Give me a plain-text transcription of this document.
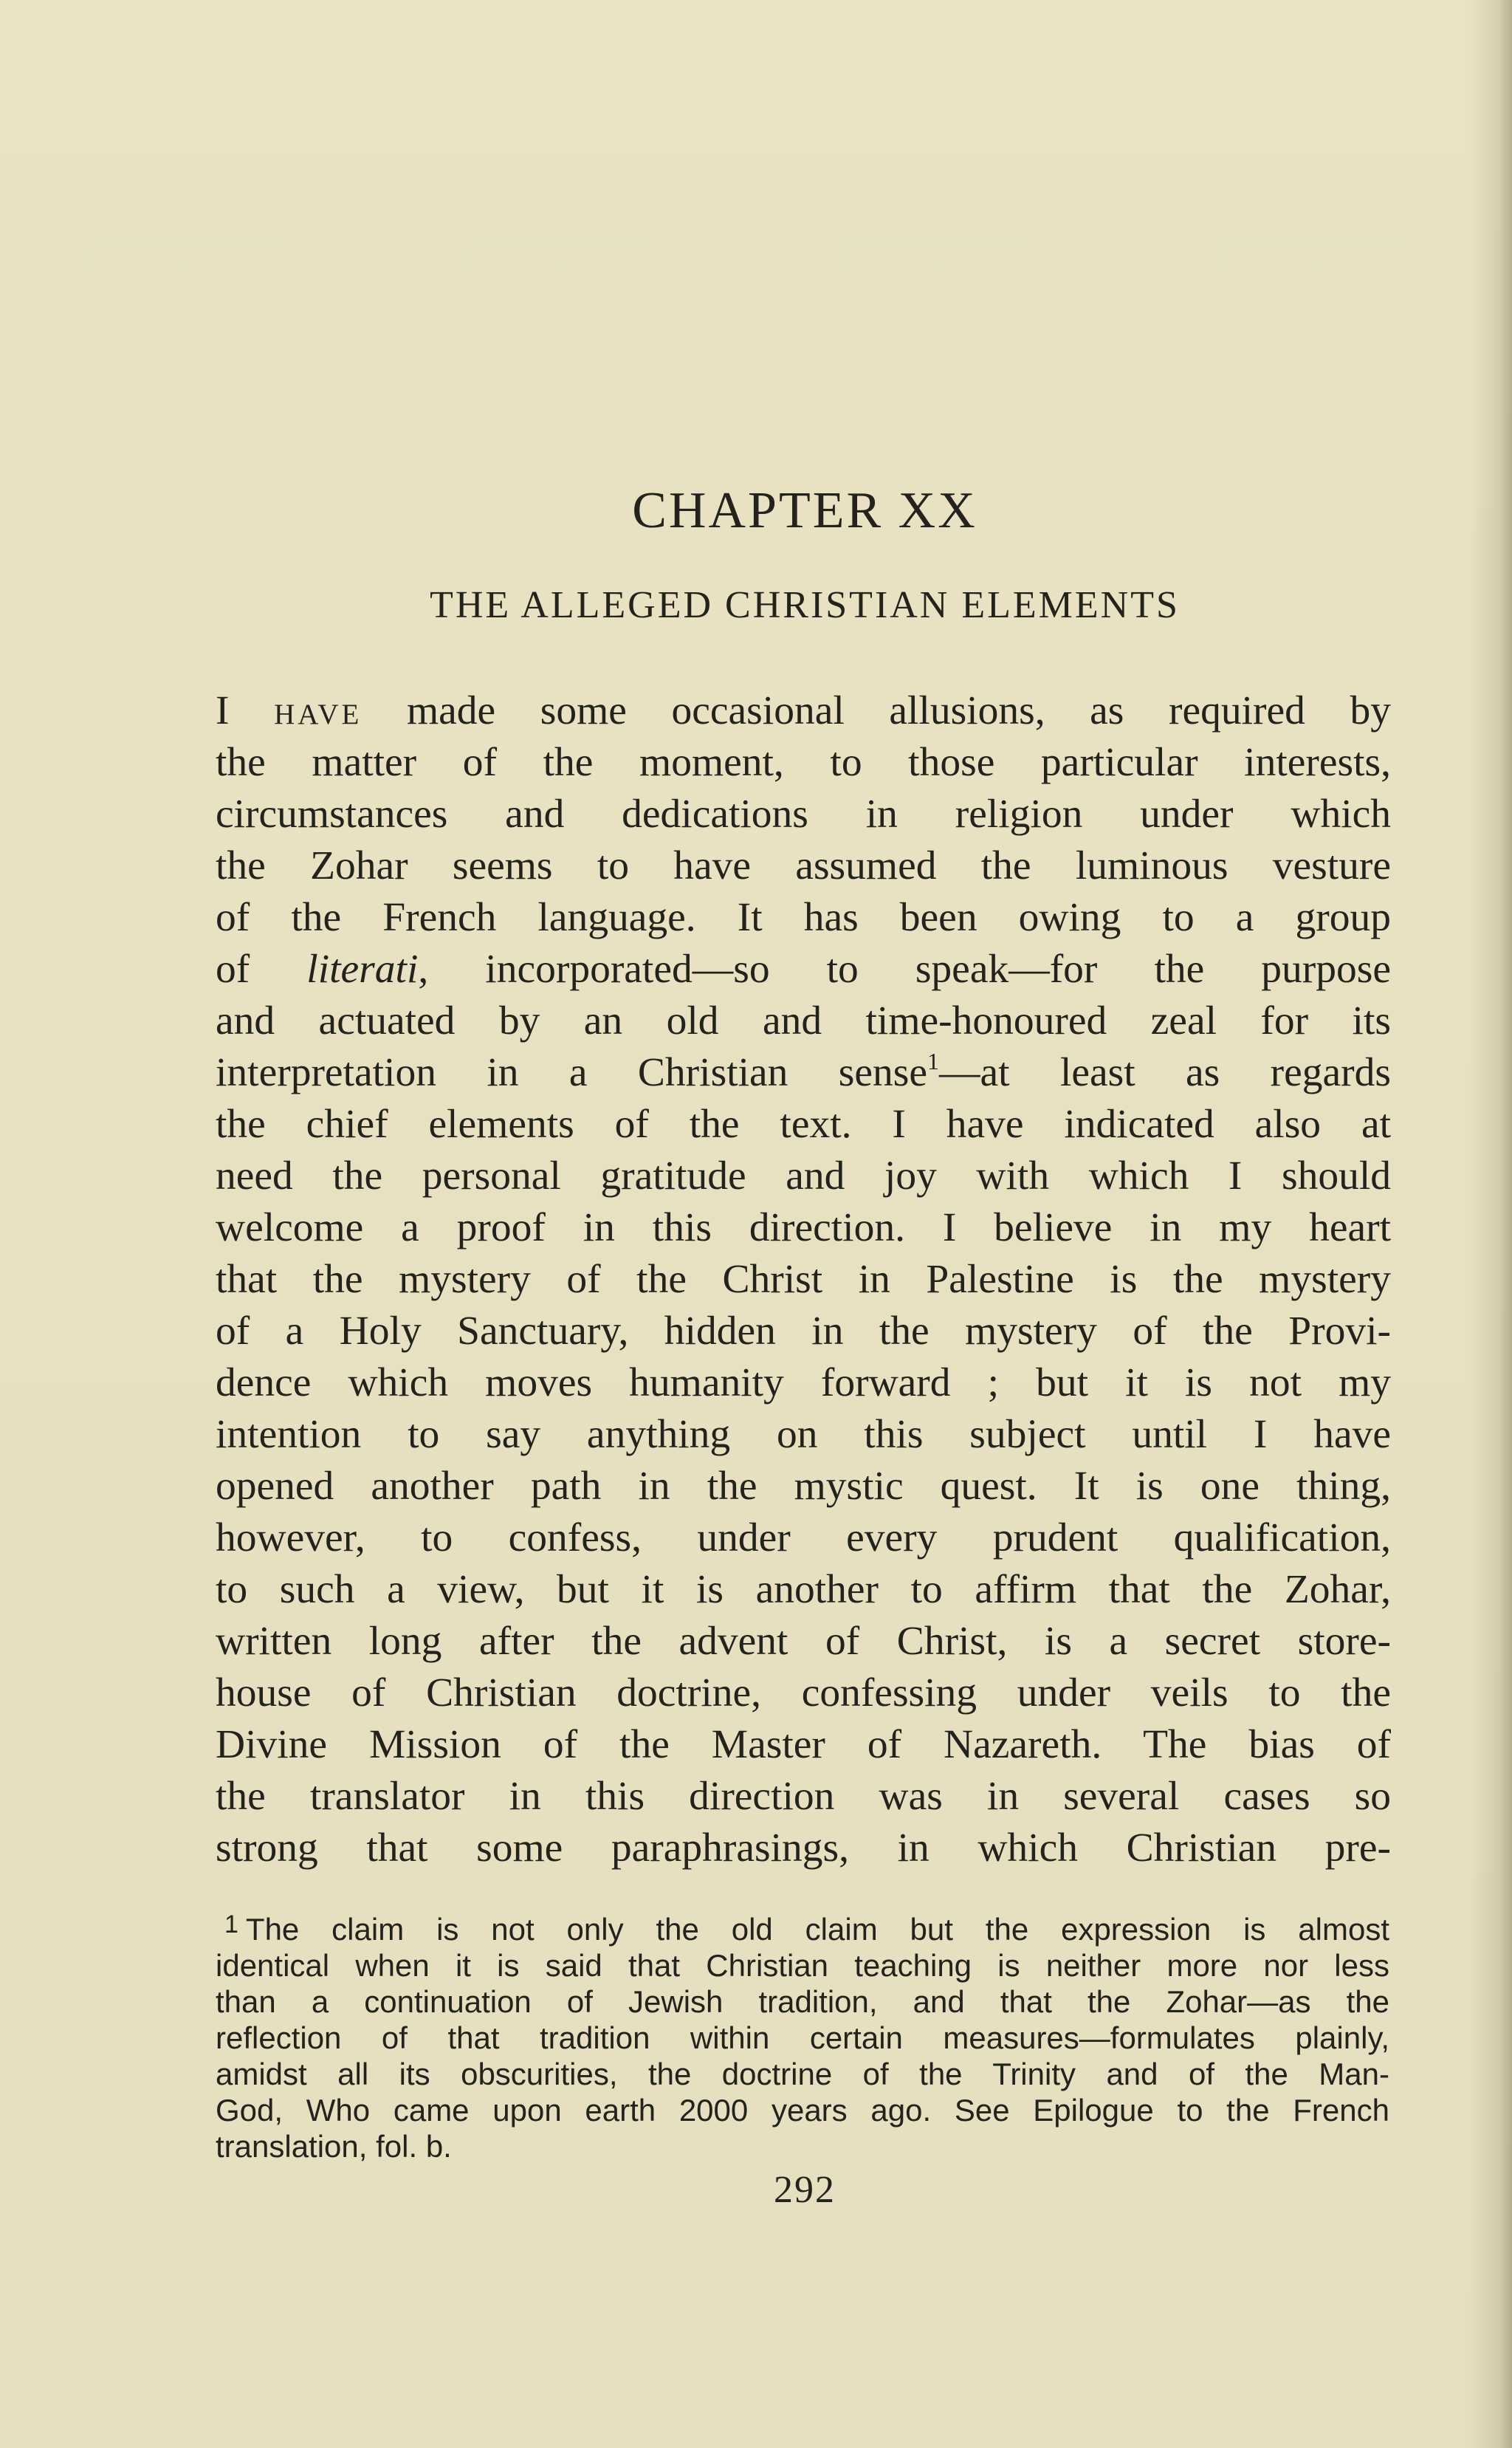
CHAPTER XX
THE ALLEGED CHRISTIAN ELEMENTS
I have made some occasional allusions, as required by
the matter of the moment, to those particular interests,
circumstances and dedications in religion under which
the Zohar seems to have assumed the luminous vesture
of the French language. It has been owing to a group
of literati, incorporated—so to speak—for the purpose
and actuated by an old and time-honoured zeal for its
interpretation in a Christian sense$^1$—at least as regards
the chief elements of the text. I have indicated also at
need the personal gratitude and joy with which I should
welcome a proof in this direction. I believe in my heart
that the mystery of the Christ in Palestine is the mystery
of a Holy Sanctuary, hidden in the mystery of the Provi-
dence which moves humanity forward ; but it is not my
intention to say anything on this subject until I have
opened another path in the mystic quest. It is one thing,
however, to confess, under every prudent qualification,
to such a view, but it is another to affirm that the Zohar,
written long after the advent of Christ, is a secret store-
house of Christian doctrine, confessing under veils to the
Divine Mission of the Master of Nazareth. The bias of
the translator in this direction was in several cases so
strong that some paraphrasings, in which Christian pre-
$^1$ The claim is not only the old claim but the expression is almost
identical when it is said that Christian teaching is neither more nor less
than a continuation of Jewish tradition, and that the Zohar—as the
reflection of that tradition within certain measures—formulates plainly,
amidst all its obscurities, the doctrine of the Trinity and of the Man-
God, Who came upon earth 2000 years ago. See Epilogue to the French
translation, fol. b.
292
